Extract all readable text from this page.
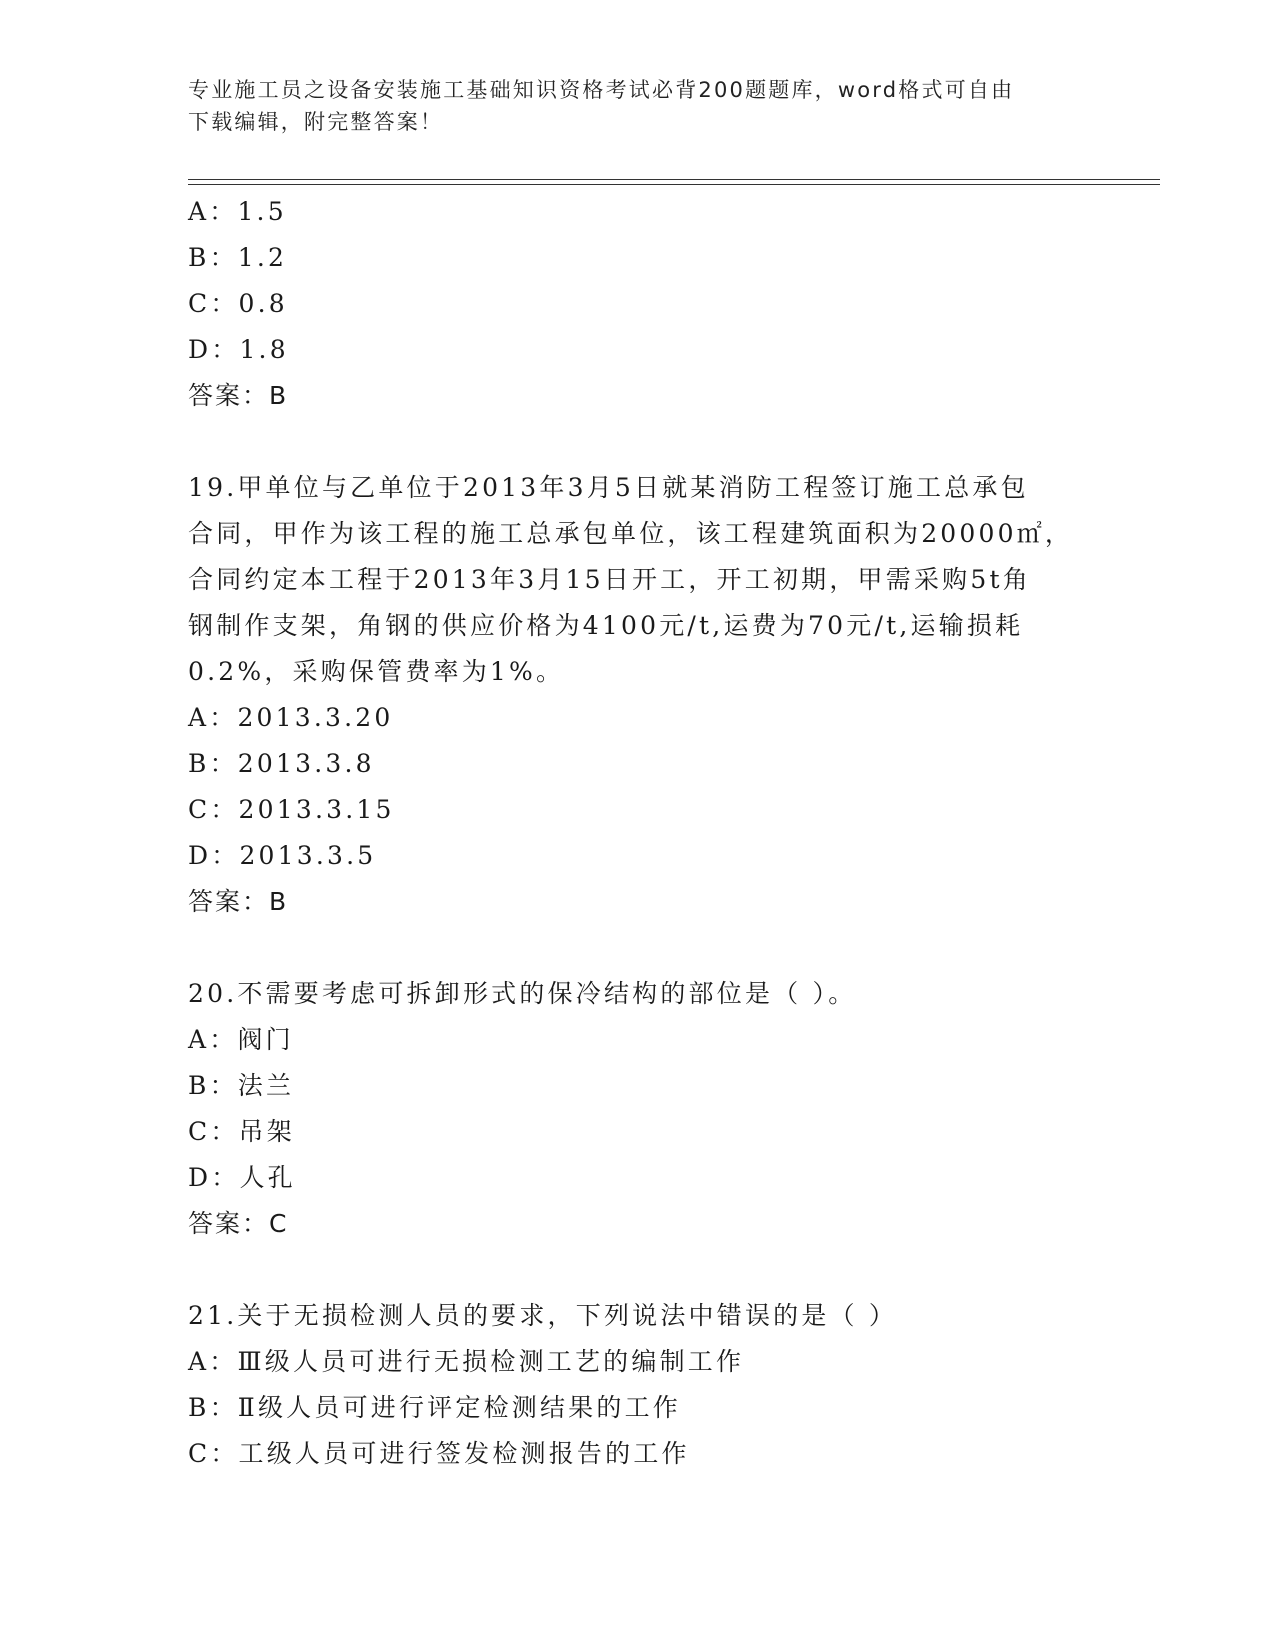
专业施工员之设备安装施工基础知识资格考试必背200题题库，word格式可自由
下载编辑，附完整答案！
A：1.5
B：1.2
C：0.8
D：1.8
答案：B
19.甲单位与乙单位于2013年3月5日就某消防工程签订施工总承包
合同，甲作为该工程的施工总承包单位，该工程建筑面积为20000㎡，
合同约定本工程于2013年3月15日开工，开工初期，甲需采购5t角
钢制作支架，角钢的供应价格为4100元/t,运费为70元/t,运输损耗
0.2%，采购保管费率为1%。
A：2013.3.20
B：2013.3.8
C：2013.3.15
D：2013.3.5
答案：B
20.不需要考虑可拆卸形式的保冷结构的部位是（ ）。
A：阀门
B：法兰
C：吊架
D：人孔
答案：C
21.关于无损检测人员的要求，下列说法中错误的是（ ）
A：Ⅲ级人员可进行无损检测工艺的编制工作
B：Ⅱ级人员可进行评定检测结果的工作
C：工级人员可进行签发检测报告的工作
